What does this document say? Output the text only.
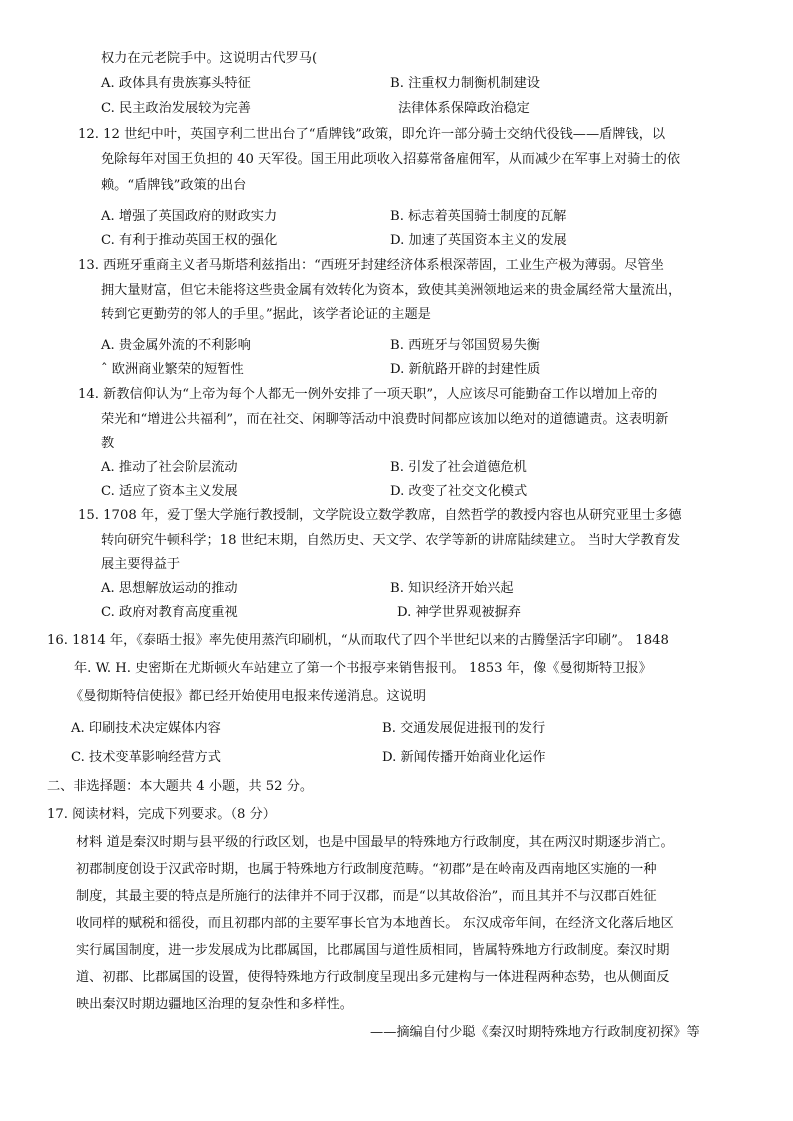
权力在元老院手中。这说明古代罗马(
A. 政体具有贵族寡头特征	B. 注重权力制衡机制建设
C. 民主政治发展较为完善	法律体系保障政治稳定
12. 12 世纪中叶，英国亨利二世出台了“盾牌钱”政策，即允许一部分骑士交纳代役钱——盾牌钱，以
免除每年对国王负担的 40 天军役。国王用此项收入招募常备雇佣军，从而减少在军事上对骑士的依
赖。“盾牌钱”政策的出台
A. 增强了英国政府的财政实力	B. 标志着英国骑士制度的瓦解
C. 有利于推动英国王权的强化	D. 加速了英国资本主义的发展
13. 西班牙重商主义者马斯塔利兹指出：“西班牙封建经济体系根深蒂固，工业生产极为薄弱。尽管坐
拥大量财富，但它未能将这些贵金属有效转化为资本，致使其美洲领地运来的贵金属经常大量流出，
转到它更勤劳的邻人的手里。”据此，该学者论证的主题是
A. 贵金属外流的不利影响	B. 西班牙与邻国贸易失衡
ˆ 欧洲商业繁荣的短暂性	D. 新航路开辟的封建性质
14. 新教信仰认为“上帝为每个人都无一例外安排了一项天职”，人应该尽可能勤奋工作以增加上帝的
荣光和“增进公共福利”，而在社交、闲聊等活动中浪费时间都应该加以绝对的道德谴责。这表明新
教
A. 推动了社会阶层流动	B. 引发了社会道德危机
C. 适应了资本主义发展	D. 改变了社交文化模式
15. 1708 年，爱丁堡大学施行教授制，文学院设立数学教席，自然哲学的教授内容也从研究亚里士多德
转向研究牛顿科学；18 世纪末期，自然历史、天文学、农学等新的讲席陆续建立。 当时大学教育发
展主要得益于
A. 思想解放运动的推动	B. 知识经济开始兴起
C. 政府对教育高度重视	D. 神学世界观被摒弃
16. 1814 年，《泰晤士报》率先使用蒸汽印刷机，“从而取代了四个半世纪以来的古腾堡活字印刷”。 1848
年. W. H. 史密斯在尤斯顿火车站建立了第一个书报亭来销售报刊。 1853 年，像《曼彻斯特卫报》
《曼彻斯特信使报》都已经开始使用电报来传递消息。这说明
A. 印刷技术决定媒体内容	B. 交通发展促进报刊的发行
C. 技术变革影响经营方式	D. 新闻传播开始商业化运作
二、非选择题：本大题共 4 小题，共 52 分。
17. 阅读材料，完成下列要求。（8 分）
材料 道是秦汉时期与县平级的行政区划，也是中国最早的特殊地方行政制度，其在两汉时期逐步消亡。
初郡制度创设于汉武帝时期，也属于特殊地方行政制度范畴。“初郡”是在岭南及西南地区实施的一种
制度，其最主要的特点是所施行的法律并不同于汉郡，而是“以其故俗治”，而且其并不与汉郡百姓征
收同样的赋税和徭役，而且初郡内部的主要军事长官为本地酋长。 东汉成帝年间，在经济文化落后地区
实行属国制度，进一步发展成为比郡属国，比郡属国与道性质相同，皆属特殊地方行政制度。秦汉时期
道、初郡、比郡属国的设置，使得特殊地方行政制度呈现出多元建构与一体进程两种态势，也从侧面反
映出秦汉时期边疆地区治理的复杂性和多样性。
——摘编自付少聪《秦汉时期特殊地方行政制度初探》等
